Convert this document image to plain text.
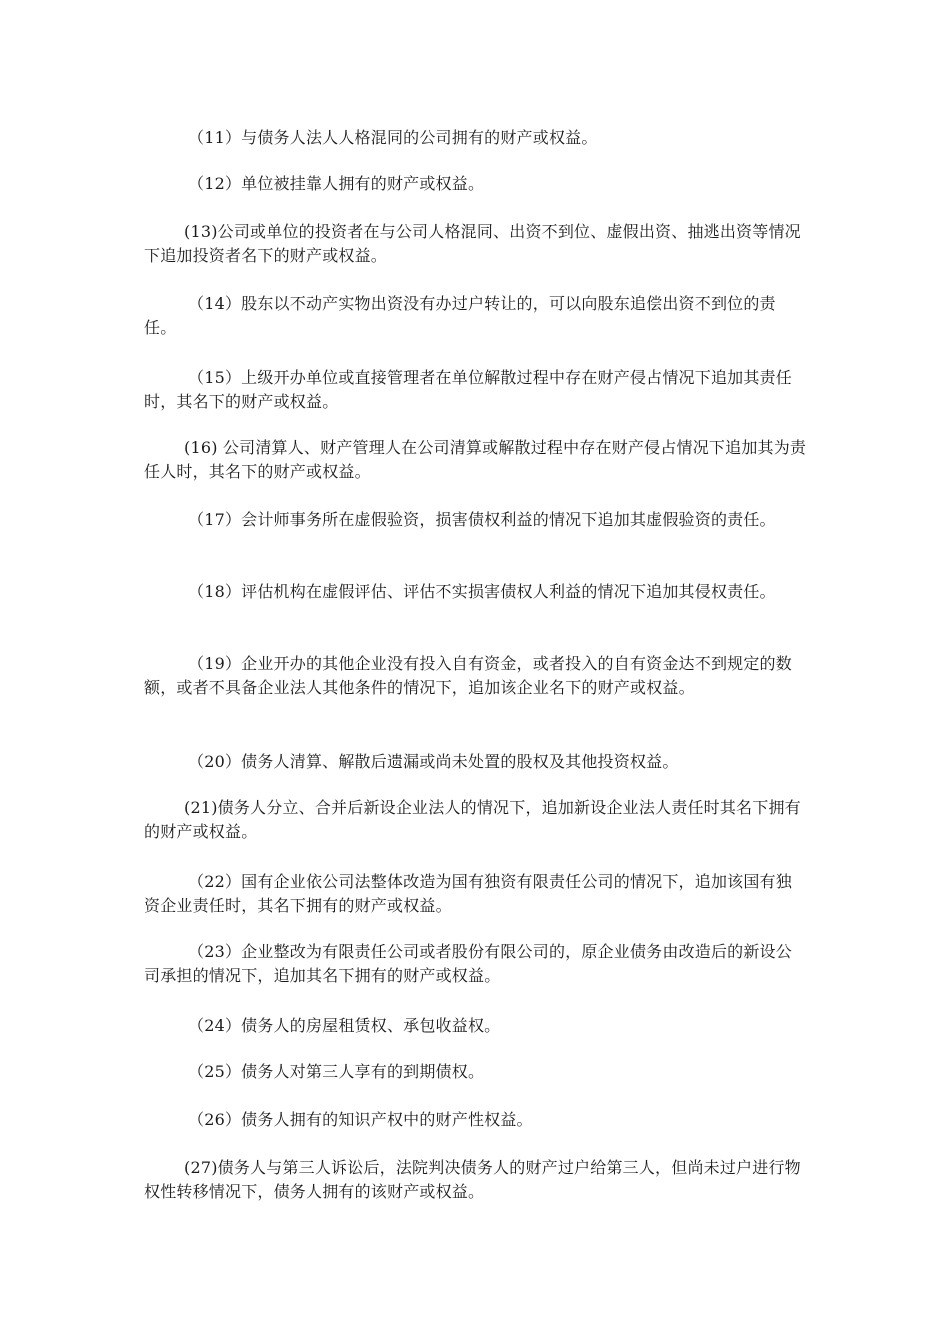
（11）与债务人法人人格混同的公司拥有的财产或权益。

（12）单位被挂靠人拥有的财产或权益。

(13)公司或单位的投资者在与公司人格混同、出资不到位、虚假出资、抽逃出资等情况下追加投资者名下的财产或权益。

（14）股东以不动产实物出资没有办过户转让的，可以向股东追偿出资不到位的责任。

（15）上级开办单位或直接管理者在单位解散过程中存在财产侵占情况下追加其责任时，其名下的财产或权益。

(16) 公司清算人、财产管理人在公司清算或解散过程中存在财产侵占情况下追加其为责任人时，其名下的财产或权益。

（17）会计师事务所在虚假验资，损害债权利益的情况下追加其虚假验资的责任。

（18）评估机构在虚假评估、评估不实损害债权人利益的情况下追加其侵权责任。

（19）企业开办的其他企业没有投入自有资金，或者投入的自有资金达不到规定的数额，或者不具备企业法人其他条件的情况下，追加该企业名下的财产或权益。

（20）债务人清算、解散后遗漏或尚未处置的股权及其他投资权益。

(21)债务人分立、合并后新设企业法人的情况下，追加新设企业法人责任时其名下拥有的财产或权益。

（22）国有企业依公司法整体改造为国有独资有限责任公司的情况下，追加该国有独资企业责任时，其名下拥有的财产或权益。

（23）企业整改为有限责任公司或者股份有限公司的，原企业债务由改造后的新设公司承担的情况下，追加其名下拥有的财产或权益。

（24）债务人的房屋租赁权、承包收益权。

（25）债务人对第三人享有的到期债权。

（26）债务人拥有的知识产权中的财产性权益。

(27)债务人与第三人诉讼后，法院判决债务人的财产过户给第三人，但尚未过户进行物权性转移情况下，债务人拥有的该财产或权益。
